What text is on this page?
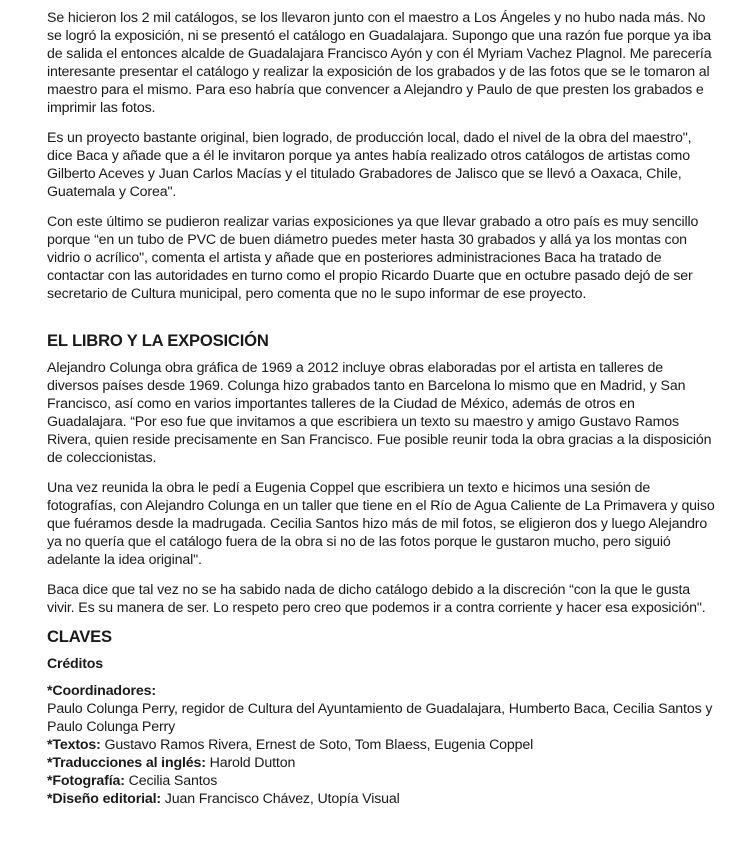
Se hicieron los 2 mil catálogos, se los llevaron junto con el maestro a Los Ángeles y no hubo nada más. No se logró la exposición, ni se presentó el catálogo en Guadalajara. Supongo que una razón fue porque ya iba de salida el entonces alcalde de Guadalajara Francisco Ayón y con él Myriam Vachez Plagnol. Me parecería interesante presentar el catálogo y realizar la exposición de los grabados y de las fotos que se le tomaron al maestro para el mismo. Para eso habría que convencer a Alejandro y Paulo de que presten los grabados e imprimir las fotos.

Es un proyecto bastante original, bien logrado, de producción local, dado el nivel de la obra del maestro", dice Baca y añade que a él le invitaron porque ya antes había realizado otros catálogos de artistas como Gilberto Aceves y Juan Carlos Macías y el titulado Grabadores de Jalisco que se llevó a Oaxaca, Chile, Guatemala y Corea".

Con este último se pudieron realizar varias exposiciones ya que llevar grabado a otro país es muy sencillo porque “en un tubo de PVC de buen diámetro puedes meter hasta 30 grabados y allá ya los montas con vidrio o acrílico", comenta el artista y añade que en posteriores administraciones Baca ha tratado de contactar con las autoridades en turno como el propio Ricardo Duarte que en octubre pasado dejó de ser secretario de Cultura municipal, pero comenta que no le supo informar de ese proyecto.

EL LIBRO Y LA EXPOSICIÓN

Alejandro Colunga obra gráfica de 1969 a 2012 incluye obras elaboradas por el artista en talleres de diversos países desde 1969. Colunga hizo grabados tanto en Barcelona lo mismo que en Madrid, y San Francisco, así como en varios importantes talleres de la Ciudad de México, además de otros en Guadalajara. “Por eso fue que invitamos a que escribiera un texto su maestro y amigo Gustavo Ramos Rivera, quien reside precisamente en San Francisco. Fue posible reunir toda la obra gracias a la disposición de coleccionistas.

Una vez reunida la obra le pedí a Eugenia Coppel que escribiera un texto e hicimos una sesión de fotografías, con Alejandro Colunga en un taller que tiene en el Río de Agua Caliente de La Primavera y quiso que fuéramos desde la madrugada. Cecilia Santos hizo más de mil fotos, se eligieron dos y luego Alejandro ya no quería que el catálogo fuera de la obra si no de las fotos porque le gustaron mucho, pero siguió adelante la idea original".

Baca dice que tal vez no se ha sabido nada de dicho catálogo debido a la discreción “con la que le gusta vivir. Es su manera de ser. Lo respeto pero creo que podemos ir a contra corriente y hacer esa exposición".

CLAVES
Créditos

*Coordinadores:

Paulo Colunga Perry, regidor de Cultura del Ayuntamiento de Guadalajara, Humberto Baca, Cecilia Santos y Paulo Colunga Perry

*Textos: Gustavo Ramos Rivera, Ernest de Soto, Tom Blaess, Eugenia Coppel

*Traducciones al inglés: Harold Dutton

*Fotografía: Cecilia Santos

*Diseño editorial: Juan Francisco Chávez, Utopía Visual
